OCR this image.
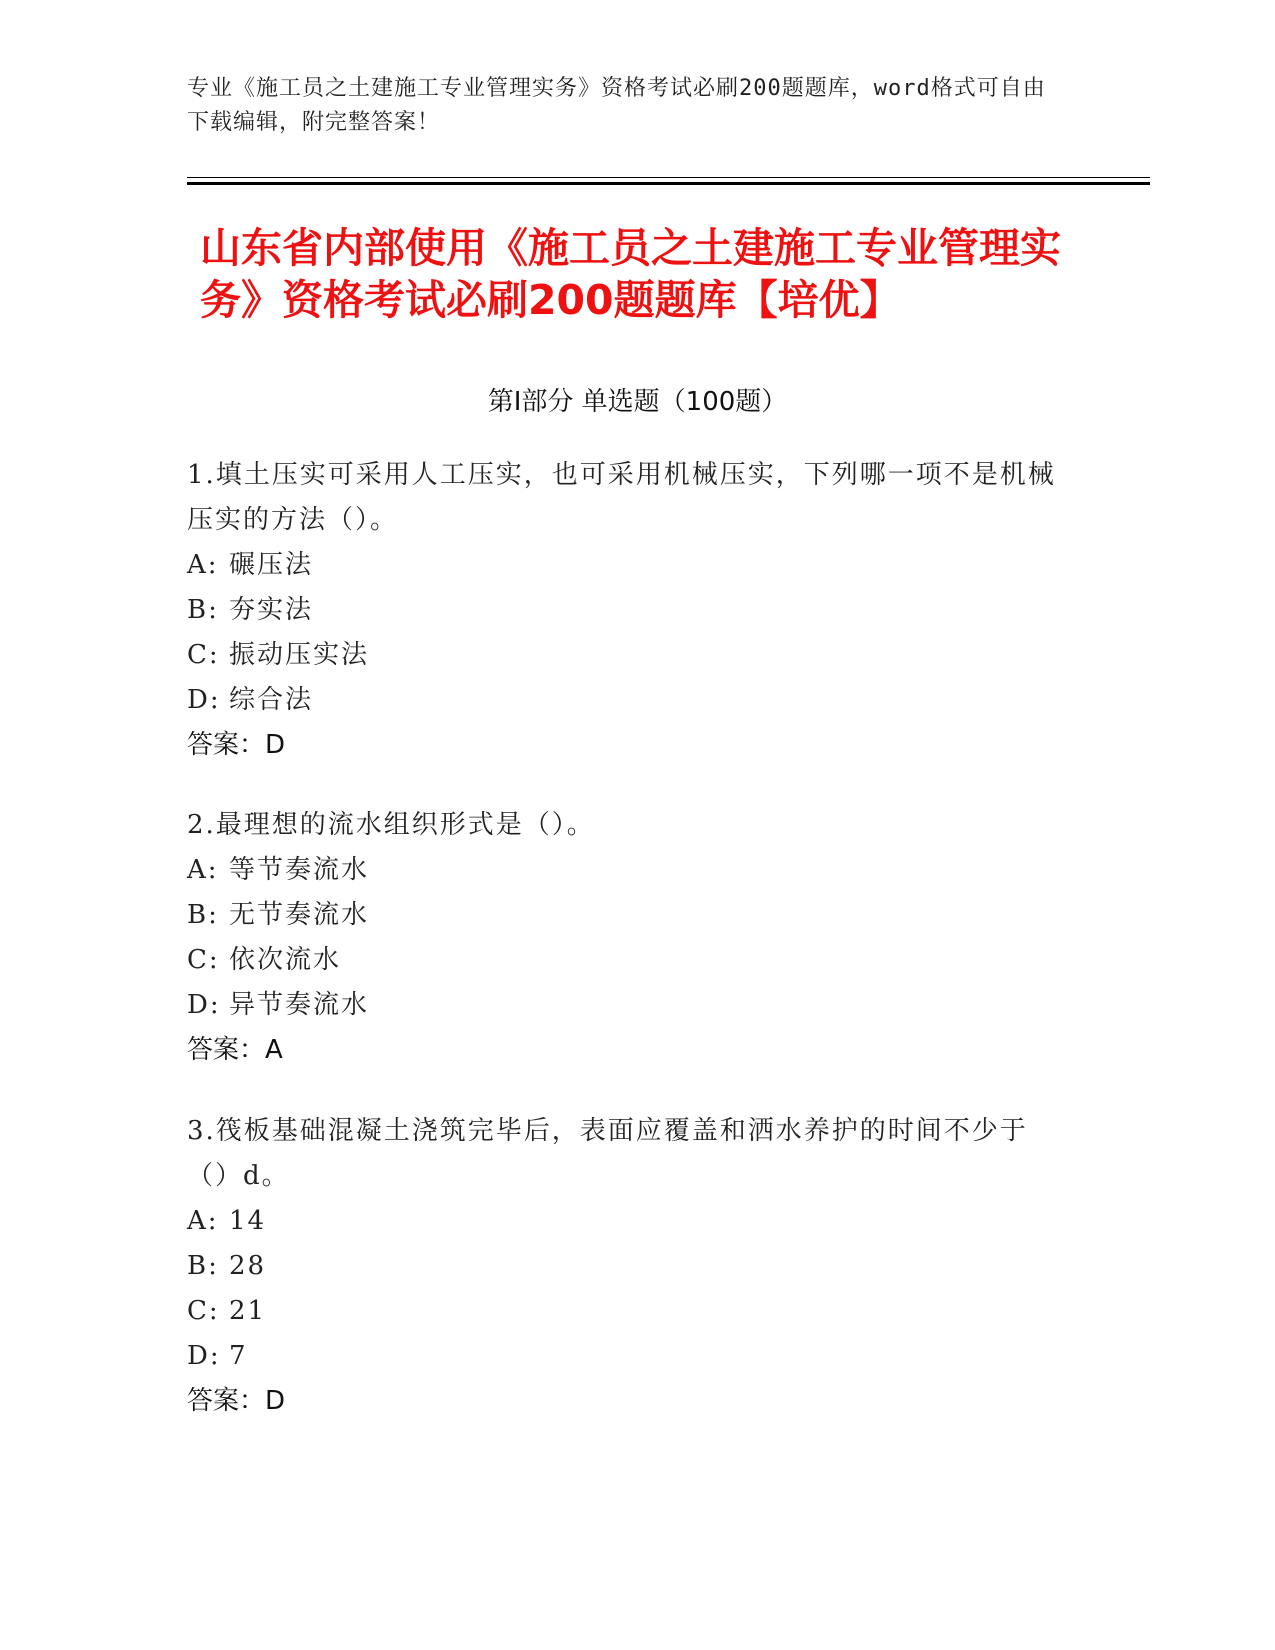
专业《施工员之土建施工专业管理实务》资格考试必刷200题题库，word格式可自由下载编辑，附完整答案！
山东省内部使用《施工员之土建施工专业管理实务》资格考试必刷200题题库【培优】
第Ⅰ部分 单选题（100题）
1.填土压实可采用人工压实，也可采用机械压实，下列哪一项不是机械压实的方法（）。
A: 碾压法
B: 夯实法
C: 振动压实法
D: 综合法
答案：D
2.最理想的流水组织形式是（）。
A: 等节奏流水
B: 无节奏流水
C: 依次流水
D: 异节奏流水
答案：A
3.筏板基础混凝土浇筑完毕后，表面应覆盖和洒水养护的时间不少于（）d。
A: 14
B: 28
C: 21
D: 7
答案：D
